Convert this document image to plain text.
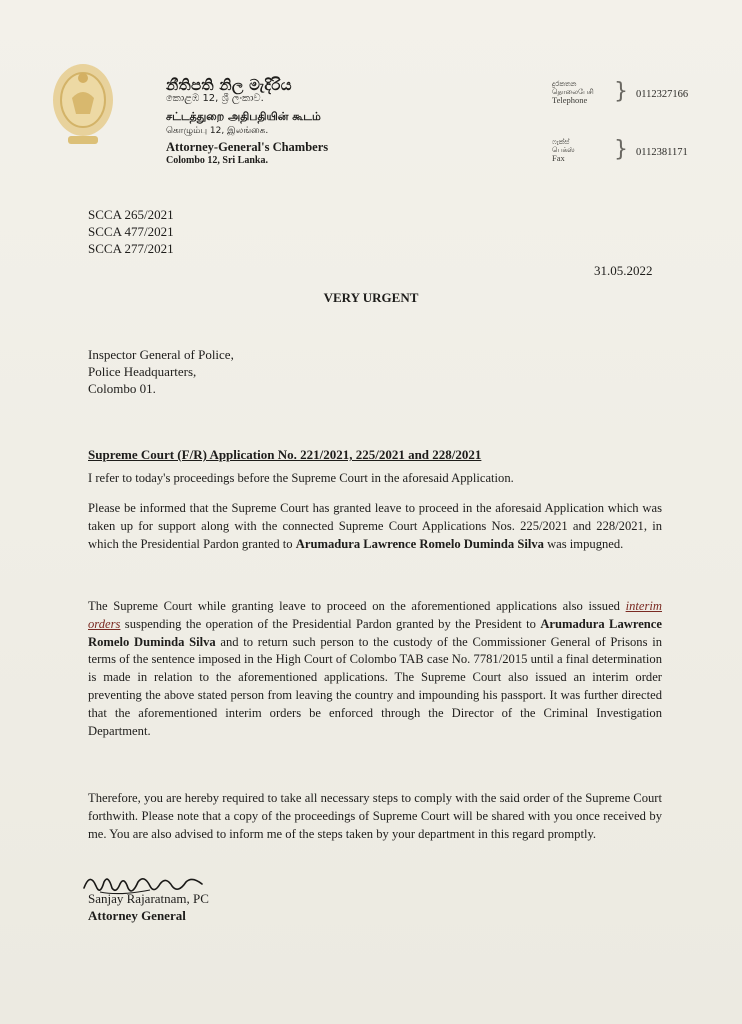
නීතිපති නිල මැදිරිය
කොළඹ 12, ශ්‍රී ලංකාව.
சட்டத்துறை அதிபதியின் கூடம்
கொழும்பு 12, இலங்கை.
Attorney-General's Chambers
Colombo 12, Sri Lanka.
දුරකතන
தொலைபேசி
Telephone } 0112327166
ෆැක්ස්
பெக்ஸ்
Fax	} 0112381171
SCCA 265/2021
SCCA 477/2021
SCCA 277/2021
31.05.2022
VERY URGENT
Inspector General of Police,
Police Headquarters,
Colombo 01.
Supreme Court (F/R) Application No. 221/2021, 225/2021 and 228/2021
I refer to today's proceedings before the Supreme Court in the aforesaid Application.
Please be informed that the Supreme Court has granted leave to proceed in the aforesaid Application which was taken up for support along with the connected Supreme Court Applications Nos. 225/2021 and 228/2021, in which the Presidential Pardon granted to Arumadura Lawrence Romelo Duminda Silva was impugned.
The Supreme Court while granting leave to proceed on the aforementioned applications also issued interim orders suspending the operation of the Presidential Pardon granted by the President to Arumadura Lawrence Romelo Duminda Silva and to return such person to the custody of the Commissioner General of Prisons in terms of the sentence imposed in the High Court of Colombo TAB case No. 7781/2015 until a final determination is made in relation to the aforementioned applications. The Supreme Court also issued an interim order preventing the above stated person from leaving the country and impounding his passport. It was further directed that the aforementioned interim orders be enforced through the Director of the Criminal Investigation Department.
Therefore, you are hereby required to take all necessary steps to comply with the said order of the Supreme Court forthwith. Please note that a copy of the proceedings of Supreme Court will be shared with you once received by me. You are also advised to inform me of the steps taken by your department in this regard promptly.
Sanjay Rajaratnam, PC
Attorney General
